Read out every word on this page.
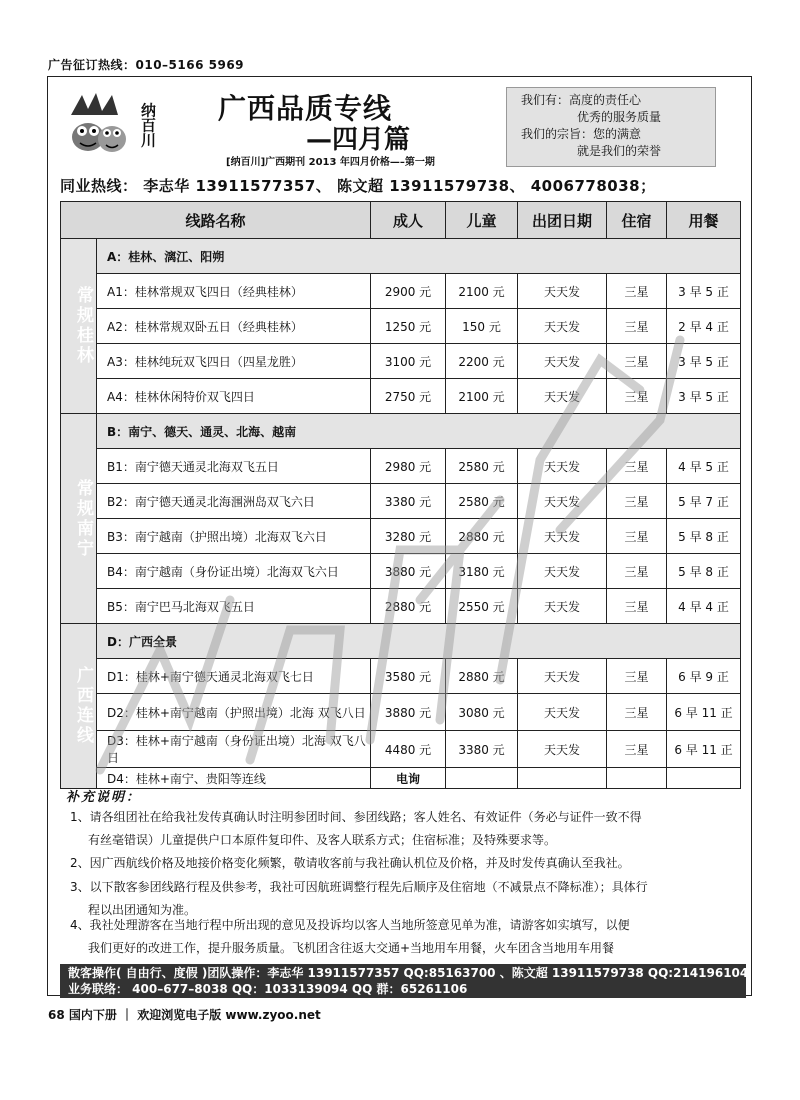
广告征订热线：010–5166 5969
纳百川 广西品质专线
—四月篇
[纳百川]广西期刊 2013 年四月价格—–第一期
我们有：高度的责任心
优秀的服务质量
我们的宗旨：您的满意
就是我们的荣誉
同业热线： 李志华 13911577357、 陈文超 13911579738、 4006778038；
线路名称		成人	儿童	出团日期	住宿	用餐
常规桂林	A：桂林、漓江、阳朔					
	A1：桂林常规双飞四日（经典桂林）	2900 元	2100 元	天天发	三星	3 早 5 正
	A2：桂林常规双卧五日（经典桂林）	1250 元	150 元	天天发	三星	2 早 4 正
	A3：桂林纯玩双飞四日（四星龙胜）	3100 元	2200 元	天天发	三星	3 早 5 正
	A4：桂林休闲特价双飞四日	2750 元	2100 元	天天发	三星	3 早 5 正
常规南宁	B：南宁、德天、通灵、北海、越南					
	B1：南宁德天通灵北海双飞五日	2980 元	2580 元	天天发	三星	4 早 5 正
	B2：南宁德天通灵北海涠洲岛双飞六日	3380 元	2580 元	天天发	三星	5 早 7 正
	B3：南宁越南（护照出境）北海双飞六日	3280 元	2880 元	天天发	三星	5 早 8 正
	B4：南宁越南（身份证出境）北海双飞六日	3880 元	3180 元	天天发	三星	5 早 8 正
	B5：南宁巴马北海双飞五日	2880 元	2550 元	天天发	三星	4 早 4 正
广西连线	D：广西全景					
	D1：桂林+南宁德天通灵北海双飞七日	3580 元	2880 元	天天发	三星	6 早 9 正
	D2：桂林+南宁越南（护照出境）北海 双飞八日	3880 元	3080 元	天天发	三星	6 早 11 正
	D3：桂林+南宁越南（身份证出境）北海 双飞八日	4480 元	3380 元	天天发	三星	6 早 11 正
	D4：桂林+南宁、贵阳等连线	电询				
补充说明：
1、请各组团社在给我社发传真确认时注明参团时间、参团线路；客人姓名、有效证件（务必与证件一致不得
有丝毫错误）儿童提供户口本原件复印件、及客人联系方式；住宿标准；及特殊要求等。
2、因广西航线价格及地接价格变化频繁，敬请收客前与我社确认机位及价格，并及时发传真确认至我社。
3、以下散客参团线路行程及供参考，我社可因航班调整行程先后顺序及住宿地（不减景点不降标准）；具体行
程以出团通知为准。
4、我社处理游客在当地行程中所出现的意见及投诉均以客人当地所签意见单为准，请游客如实填写，以便
我们更好的改进工作，提升服务质量。飞机团含往返大交通+当地用车用餐，火车团含当地用车用餐
散客操作( 自由行、度假 )团队操作：李志华 13911577357 QQ:85163700 、陈文超 13911579738 QQ:214196104
业务联络： 400–677–8038 QQ：1033139094 QQ 群：65261106
68 国内下册 ｜ 欢迎浏览电子版 www.zyoo.net
